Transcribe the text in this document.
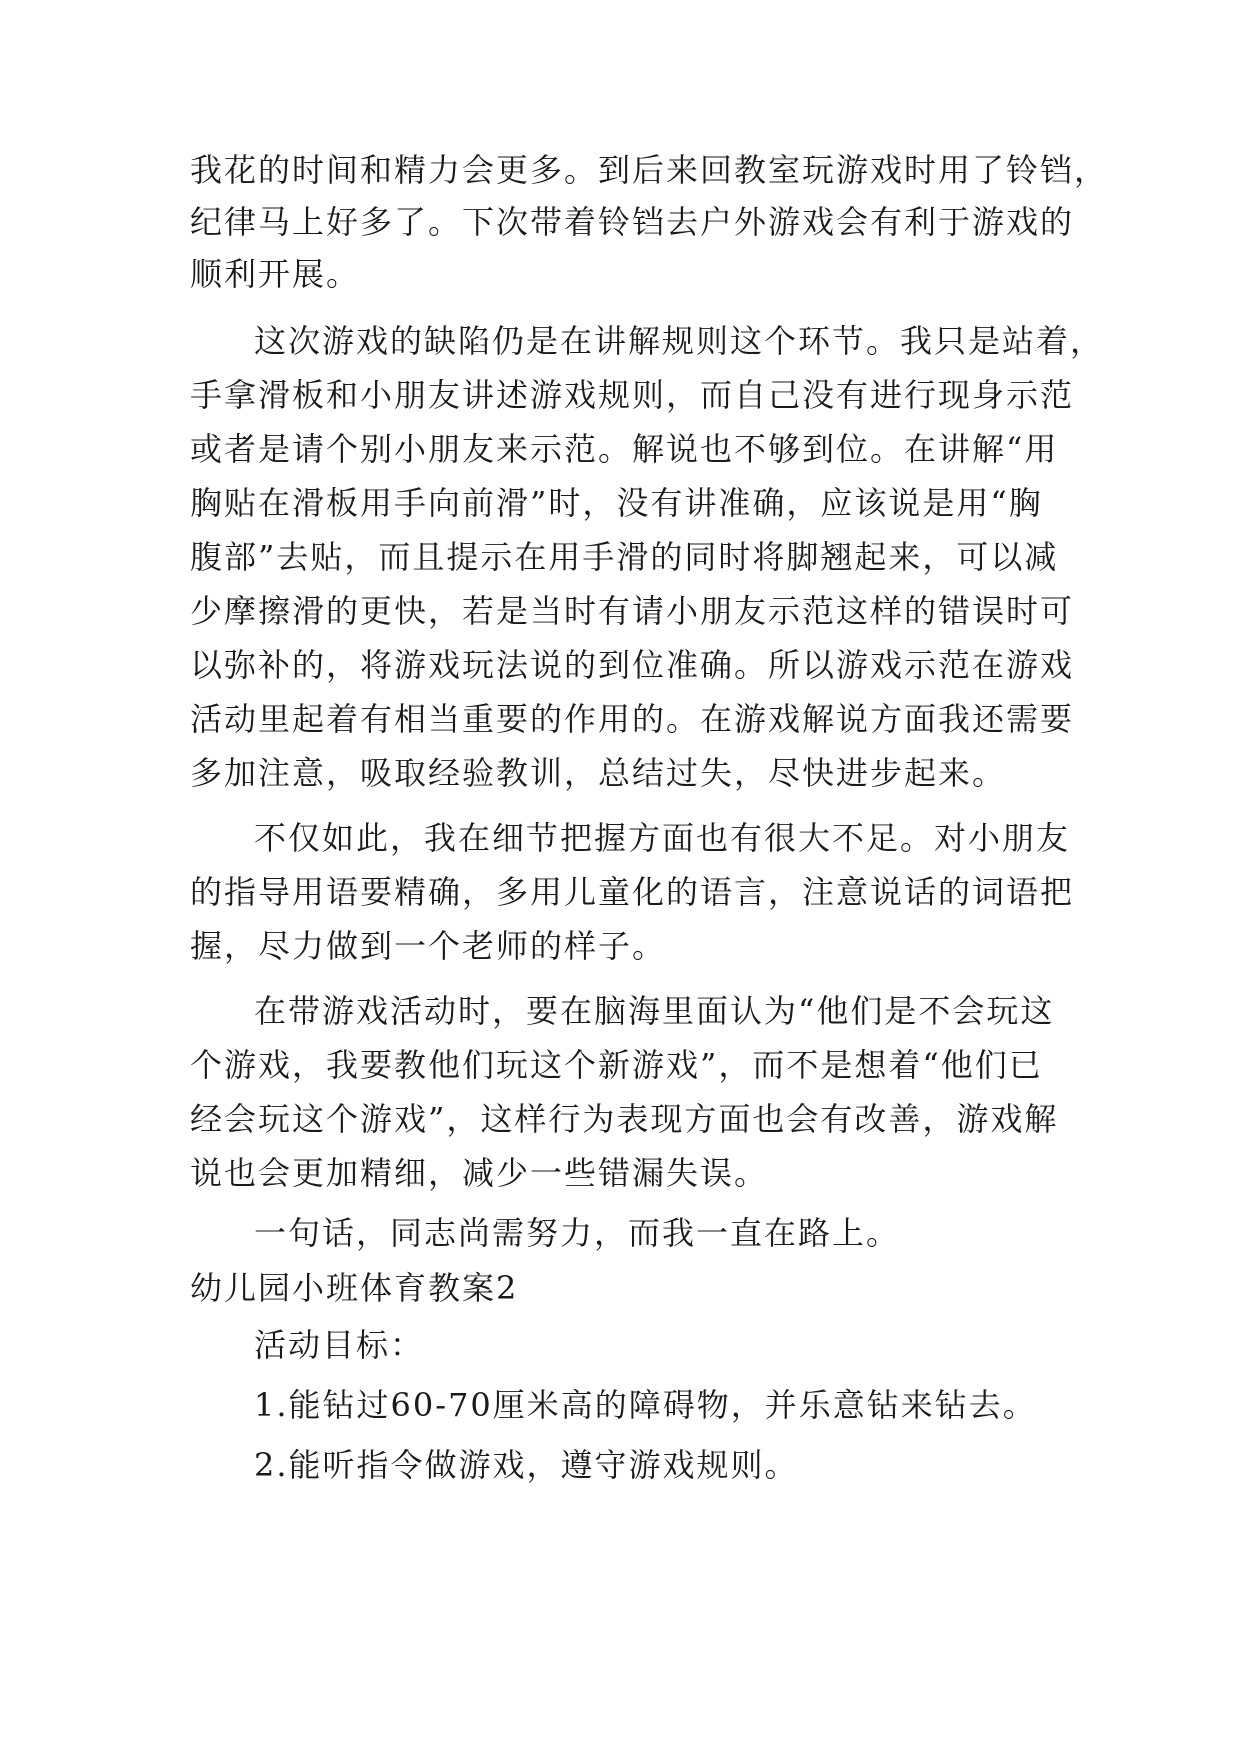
我花的时间和精力会更多。到后来回教室玩游戏时用了铃铛，
纪律马上好多了。下次带着铃铛去户外游戏会有利于游戏的
顺利开展。
这次游戏的缺陷仍是在讲解规则这个环节。我只是站着，
手拿滑板和小朋友讲述游戏规则，而自己没有进行现身示范
或者是请个别小朋友来示范。解说也不够到位。在讲解“用
胸贴在滑板用手向前滑”时，没有讲准确，应该说是用“胸
腹部”去贴，而且提示在用手滑的同时将脚翘起来，可以减
少摩擦滑的更快，若是当时有请小朋友示范这样的错误时可
以弥补的，将游戏玩法说的到位准确。所以游戏示范在游戏
活动里起着有相当重要的作用的。在游戏解说方面我还需要
多加注意，吸取经验教训，总结过失，尽快进步起来。
不仅如此，我在细节把握方面也有很大不足。对小朋友
的指导用语要精确，多用儿童化的语言，注意说话的词语把
握，尽力做到一个老师的样子。
在带游戏活动时，要在脑海里面认为“他们是不会玩这
个游戏，我要教他们玩这个新游戏”，而不是想着“他们已
经会玩这个游戏”，这样行为表现方面也会有改善，游戏解
说也会更加精细，减少一些错漏失误。
一句话，同志尚需努力，而我一直在路上。
幼儿园小班体育教案2
活动目标：
1.能钻过60-70厘米高的障碍物，并乐意钻来钻去。
2.能听指令做游戏，遵守游戏规则。
